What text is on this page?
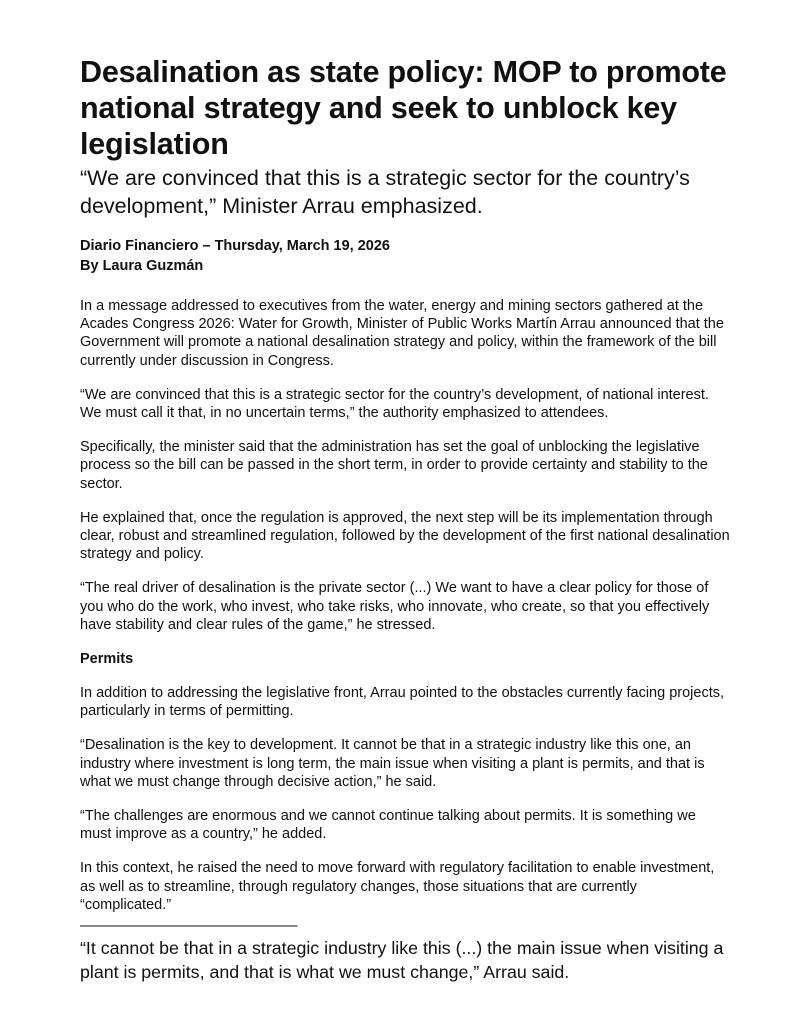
Desalination as state policy: MOP to promote national strategy and seek to unblock key legislation
“We are convinced that this is a strategic sector for the country’s development,” Minister Arrau emphasized.
Diario Financiero – Thursday, March 19, 2026
By Laura Guzmán

In a message addressed to executives from the water, energy and mining sectors gathered at the Acades Congress 2026: Water for Growth, Minister of Public Works Martín Arrau announced that the Government will promote a national desalination strategy and policy, within the framework of the bill currently under discussion in Congress.

“We are convinced that this is a strategic sector for the country’s development, of national interest. We must call it that, in no uncertain terms,” the authority emphasized to attendees.

Specifically, the minister said that the administration has set the goal of unblocking the legislative process so the bill can be passed in the short term, in order to provide certainty and stability to the sector.

He explained that, once the regulation is approved, the next step will be its implementation through clear, robust and streamlined regulation, followed by the development of the first national desalination strategy and policy.

“The real driver of desalination is the private sector (...) We want to have a clear policy for those of you who do the work, who invest, who take risks, who innovate, who create, so that you effectively have stability and clear rules of the game,” he stressed.

Permits

In addition to addressing the legislative front, Arrau pointed to the obstacles currently facing projects, particularly in terms of permitting.

“Desalination is the key to development. It cannot be that in a strategic industry like this one, an industry where investment is long term, the main issue when visiting a plant is permits, and that is what we must change through decisive action,” he said.

“The challenges are enormous and we cannot continue talking about permits. It is something we must improve as a country,” he added.

In this context, he raised the need to move forward with regulatory facilitation to enable investment, as well as to streamline, through regulatory changes, those situations that are currently “complicated.”

———————————————
“It cannot be that in a strategic industry like this (...) the main issue when visiting a plant is permits, and that is what we must change,” Arrau said.
